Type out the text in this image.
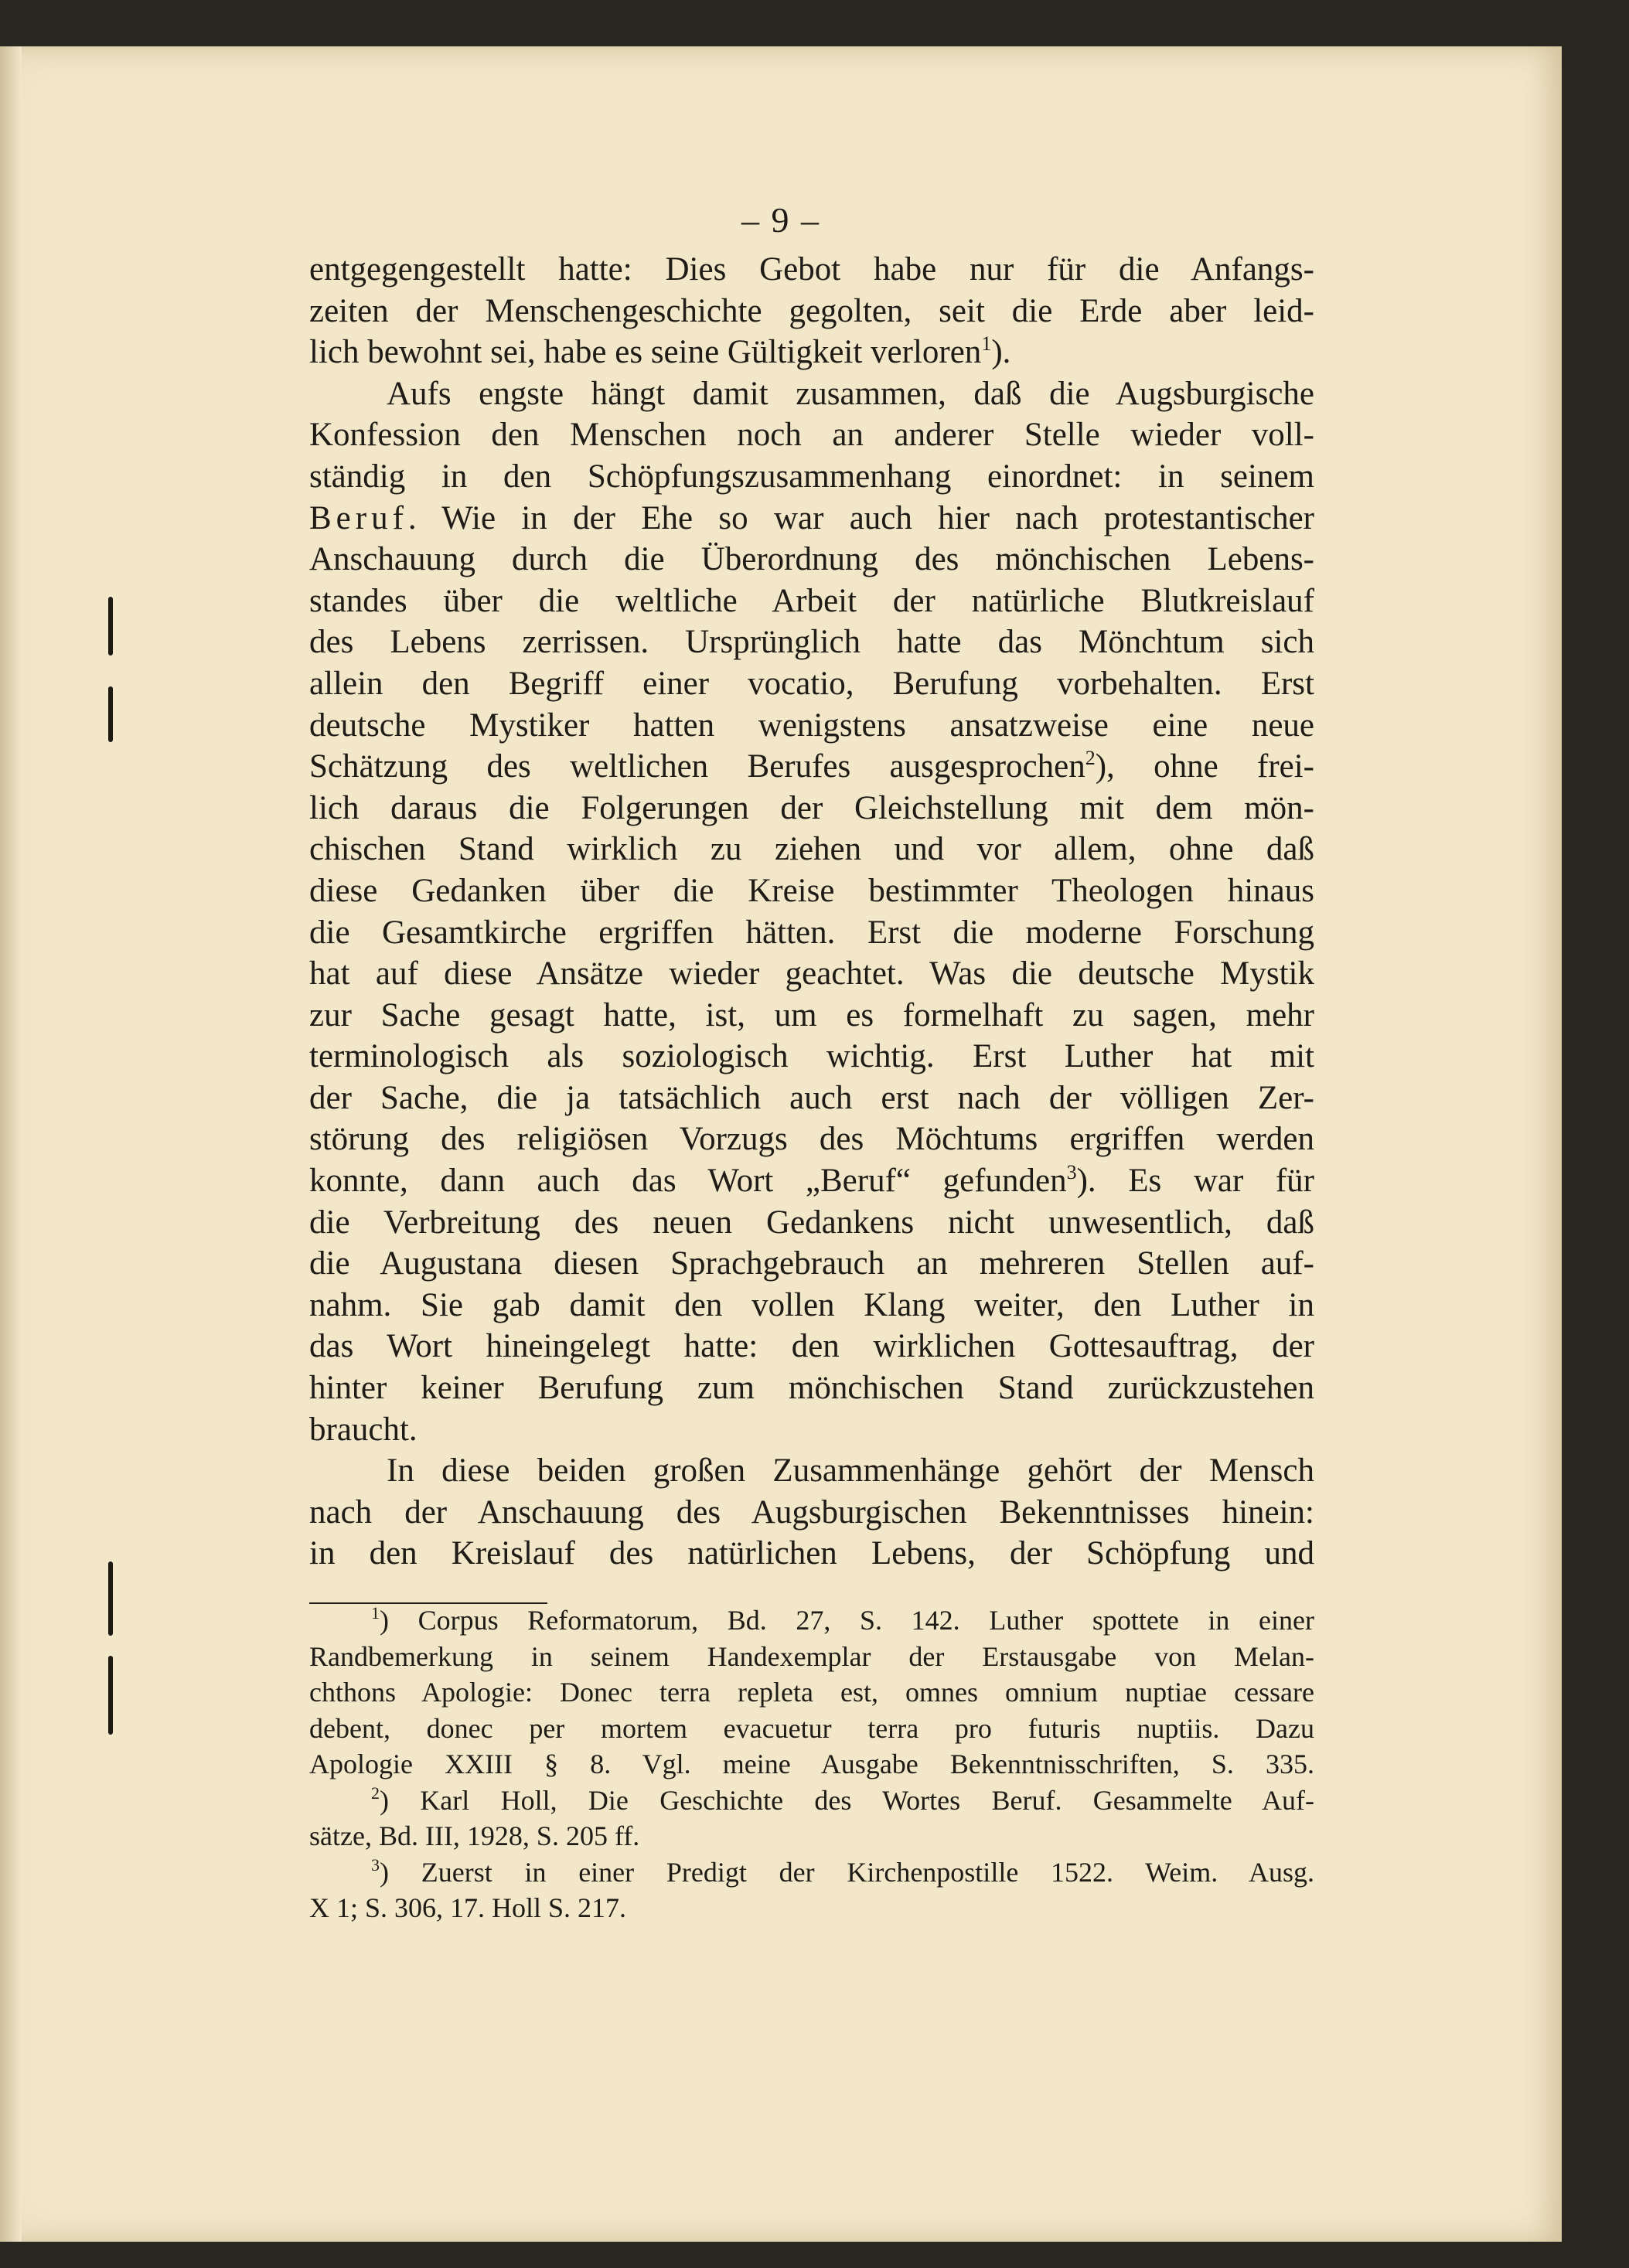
– 9 –
entgegengestellt hatte: Dies Gebot habe nur für die Anfangs-
zeiten der Menschengeschichte gegolten, seit die Erde aber leid-
lich bewohnt sei, habe es seine Gültigkeit verloren$^1$).
Aufs engste hängt damit zusammen, daß die Augsburgische
Konfession den Menschen noch an anderer Stelle wieder voll-
ständig in den Schöpfungszusammenhang einordnet: in seinem
Beruf. Wie in der Ehe so war auch hier nach protestantischer
Anschauung durch die Überordnung des mönchischen Lebens-
standes über die weltliche Arbeit der natürliche Blutkreislauf
des Lebens zerrissen. Ursprünglich hatte das Mönchtum sich
allein den Begriff einer vocatio, Berufung vorbehalten. Erst
deutsche Mystiker hatten wenigstens ansatzweise eine neue
Schätzung des weltlichen Berufes ausgesprochen$^2$), ohne frei-
lich daraus die Folgerungen der Gleichstellung mit dem mön-
chischen Stand wirklich zu ziehen und vor allem, ohne daß
diese Gedanken über die Kreise bestimmter Theologen hinaus
die Gesamtkirche ergriffen hätten. Erst die moderne Forschung
hat auf diese Ansätze wieder geachtet. Was die deutsche Mystik
zur Sache gesagt hatte, ist, um es formelhaft zu sagen, mehr
terminologisch als soziologisch wichtig. Erst Luther hat mit
der Sache, die ja tatsächlich auch erst nach der völligen Zer-
störung des religiösen Vorzugs des Möchtums ergriffen werden
konnte, dann auch das Wort „Beruf“ gefunden$^3$). Es war für
die Verbreitung des neuen Gedankens nicht unwesentlich, daß
die Augustana diesen Sprachgebrauch an mehreren Stellen auf-
nahm. Sie gab damit den vollen Klang weiter, den Luther in
das Wort hineingelegt hatte: den wirklichen Gottesauftrag, der
hinter keiner Berufung zum mönchischen Stand zurückzustehen
braucht.
In diese beiden großen Zusammenhänge gehört der Mensch
nach der Anschauung des Augsburgischen Bekenntnisses hinein:
in den Kreislauf des natürlichen Lebens, der Schöpfung und
$^1$) Corpus Reformatorum, Bd. 27, S. 142. Luther spottete in einer
Randbemerkung in seinem Handexemplar der Erstausgabe von Melan-
chthons Apologie: Donec terra repleta est, omnes omnium nuptiae cessare
debent, donec per mortem evacuetur terra pro futuris nuptiis. Dazu
Apologie XXIII § 8. Vgl. meine Ausgabe Bekenntnisschriften, S. 335.
$^2$) Karl Holl, Die Geschichte des Wortes Beruf. Gesammelte Auf-
sätze, Bd. III, 1928, S. 205 ff.
$^3$) Zuerst in einer Predigt der Kirchenpostille 1522. Weim. Ausg.
X 1; S. 306, 17. Holl S. 217.
